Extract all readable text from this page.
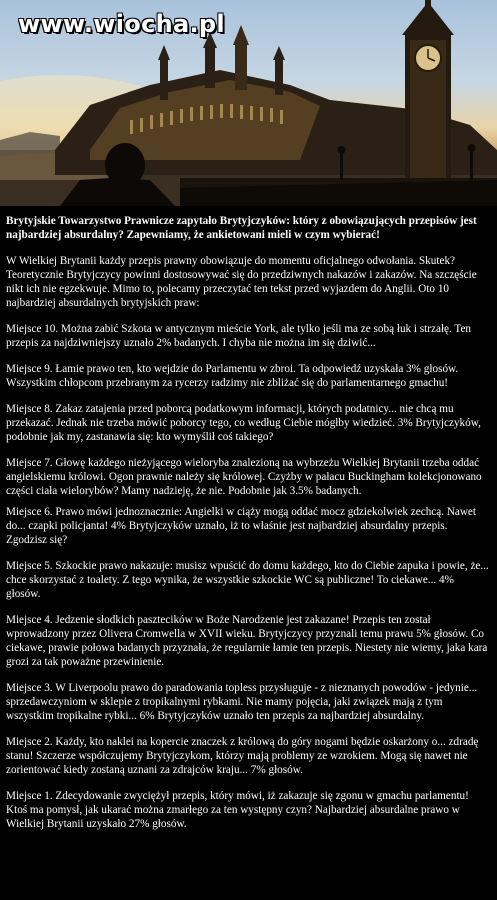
www.wiocha.pl

Brytyjskie Towarzystwo Prawnicze zapytało Brytyjczyków: który z obowiązujących przepisów jest najbardziej absurdalny? Zapewniamy, że ankietowani mieli w czym wybierać!

W Wielkiej Brytanii każdy przepis prawny obowiązuje do momentu oficjalnego odwołania. Skutek? Teoretycznie Brytyjczycy powinni dostosowywać się do przedziwnych nakazów i zakazów. Na szczęście nikt ich nie egzekwuje. Mimo to, polecamy przeczytać ten tekst przed wyjazdem do Anglii. Oto 10 najbardziej absurdalnych brytyjskich praw:

Miejsce 10. Można zabić Szkota w antycznym mieście York, ale tylko jeśli ma ze sobą łuk i strzałę. Ten przepis za najdziwniejszy uznało 2% badanych. I chyba nie można im się dziwić...

Miejsce 9. Łamie prawo ten, kto wejdzie do Parlamentu w zbroi. Ta odpowiedź uzyskała 3% głosów. Wszystkim chłopcom przebranym za rycerzy radzimy nie zbliżać się do parlamentarnego gmachu!

Miejsce 8. Zakaz zatajenia przed poborcą podatkowym informacji, których podatnicy... nie chcą mu przekazać. Jednak nie trzeba mówić poborcy tego, co według Ciebie mógłby wiedzieć. 3% Brytyjczyków, podobnie jak my, zastanawia się: kto wymyślił coś takiego?

Miejsce 7. Głowę każdego nieżyjącego wieloryba znalezioną na wybrzeżu Wielkiej Brytanii trzeba oddać angielskiemu królowi. Ogon prawnie należy się królowej. Czyżby w pałacu Buckingham kolekcjonowano części ciała wielorybów? Mamy nadzieję, że nie. Podobnie jak 3.5% badanych.

Miejsce 6. Prawo mówi jednoznacznie: Angielki w ciąży mogą oddać mocz gdziekolwiek zechcą. Nawet do... czapki policjanta! 4% Brytyjczyków uznało, iż to właśnie jest najbardziej absurdalny przepis. Zgodzisz się?

Miejsce 5. Szkockie prawo nakazuje: musisz wpuścić do domu każdego, kto do Ciebie zapuka i powie, że... chce skorzystać z toalety. Z tego wynika, że wszystkie szkockie WC są publiczne! To ciekawe... 4% głosów.

Miejsce 4. Jedzenie słodkich pasztecików w Boże Narodzenie jest zakazane! Przepis ten został wprowadzony przez Olivera Cromwella w XVII wieku. Brytyjczycy przyznali temu prawu 5% głosów. Co ciekawe, prawie połowa badanych przyznała, że regularnie łamie ten przepis. Niestety nie wiemy, jaka kara grozi za tak poważne przewinienie.

Miejsce 3. W Liverpoolu prawo do paradowania topless przysługuje - z nieznanych powodów - jedynie... sprzedawczyniom w sklepie z tropikalnymi rybkami. Nie mamy pojęcia, jaki związek mają z tym wszystkim tropikalne rybki... 6% Brytyjczyków uznało ten przepis za najbardziej absurdalny.

Miejsce 2. Każdy, kto naklei na kopercie znaczek z królową do góry nogami będzie oskarżony o... zdradę stanu! Szczerze współczujemy Brytyjczykom, którzy mają problemy ze wzrokiem. Mogą się nawet nie zorientować kiedy zostaną uznani za zdrajców kraju... 7% głosów.

Miejsce 1. Zdecydowanie zwyciężył przepis, który mówi, iż zakazuje się zgonu w gmachu parlamentu! Ktoś ma pomysł, jak ukarać można zmarłego za ten występny czyn? Najbardziej absurdalne prawo w Wielkiej Brytanii uzyskało 27% głosów.
